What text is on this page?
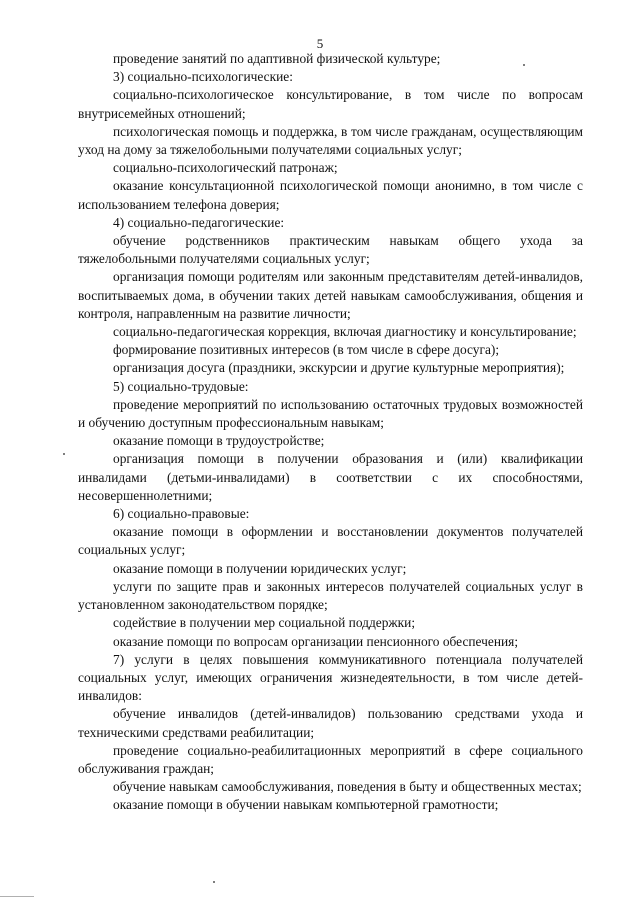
5

проведение занятий по адаптивной физической культуре;

3) социально-психологические:

социально-психологическое консультирование, в том числе по вопросам внутрисемейных отношений;

психологическая помощь и поддержка, в том числе гражданам, осуществляющим уход на дому за тяжелобольными получателями социальных услуг;

социально-психологический патронаж;

оказание консультационной психологической помощи анонимно, в том числе с использованием телефона доверия;

4) социально-педагогические:

обучение родственников практическим навыкам общего ухода за тяжелобольными получателями социальных услуг;

организация помощи родителям или законным представителям детей-инвалидов, воспитываемых дома, в обучении таких детей навыкам самообслуживания, общения и контроля, направленным на развитие личности;

социально-педагогическая коррекция, включая диагностику и консультирование;

формирование позитивных интересов (в том числе в сфере досуга);

организация досуга (праздники, экскурсии и другие культурные мероприятия);

5) социально-трудовые:

проведение мероприятий по использованию остаточных трудовых возможностей и обучению доступным профессиональным навыкам;

оказание помощи в трудоустройстве;

организация помощи в получении образования и (или) квалификации инвалидами (детьми-инвалидами) в соответствии с их способностями, несовершеннолетними;

6) социально-правовые:

оказание помощи в оформлении и восстановлении документов получателей социальных услуг;

оказание помощи в получении юридических услуг;

услуги по защите прав и законных интересов получателей социальных услуг в установленном законодательством порядке;

содействие в получении мер социальной поддержки;

оказание помощи по вопросам организации пенсионного обеспечения;

7) услуги в целях повышения коммуникативного потенциала получателей социальных услуг, имеющих ограничения жизнедеятельности, в том числе детей-инвалидов:

обучение инвалидов (детей-инвалидов) пользованию средствами ухода и техническими средствами реабилитации;

проведение социально-реабилитационных мероприятий в сфере социального обслуживания граждан;

обучение навыкам самообслуживания, поведения в быту и общественных местах;

оказание помощи в обучении навыкам компьютерной грамотности;
